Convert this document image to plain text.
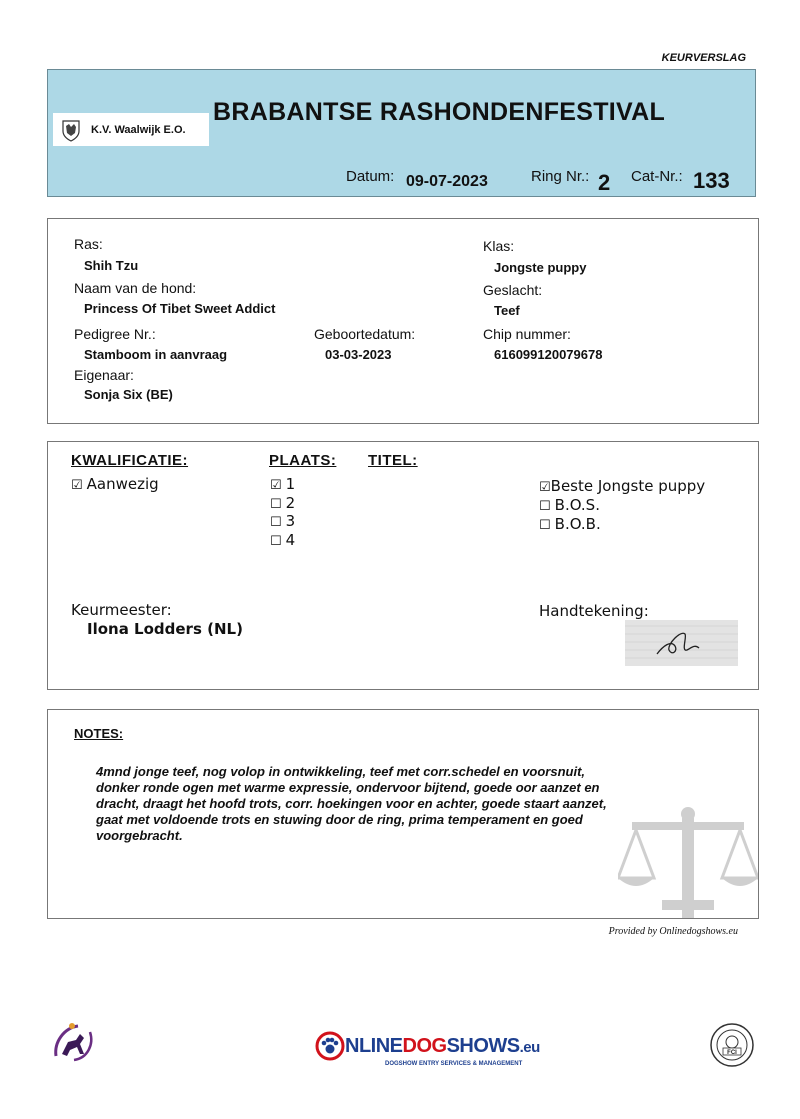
KEURVERSLAG
K.V. Waalwijk E.O.
BRABANTSE RASHONDENFESTIVAL
Datum: 09-07-2023	Ring Nr.: 2 Cat-Nr.: 133
Ras:
Shih Tzu
Naam van de hond:
Princess Of Tibet Sweet Addict
Pedigree Nr.:
Stamboom in aanvraag
Geboortedatum:
03-03-2023
Eigenaar:
Sonja Six (BE)
Klas:
Jongste puppy
Geslacht:
Teef
Chip nummer:
616099120079678
KWALIFICATIE:	PLAATS: TITEL:
☑ Aanwezig	☑ 1
☐ 2
☐ 3
☐ 4
☑Beste Jongste puppy
☐ B.O.S.
☐ B.O.B.
Keurmeester:
Ilona Lodders (NL)
Handtekening:
NOTES:
4mnd jonge teef, nog volop in ontwikkeling, teef met corr.schedel en voorsnuit,
donker ronde ogen met warme expressie, ondervoor bijtend, goede oor aanzet en
dracht, draagt het hoofd trots, corr. hoekingen voor en achter, goede staart aanzet,
gaat met voldoende trots en stuwing door de ring, prima temperament en goed
voorgebracht.
Provided by Onlinedogshows.eu
NLINEDOGSHOWS.eu
DOGSHOW ENTRY SERVICES & MANAGEMENT
FCI
